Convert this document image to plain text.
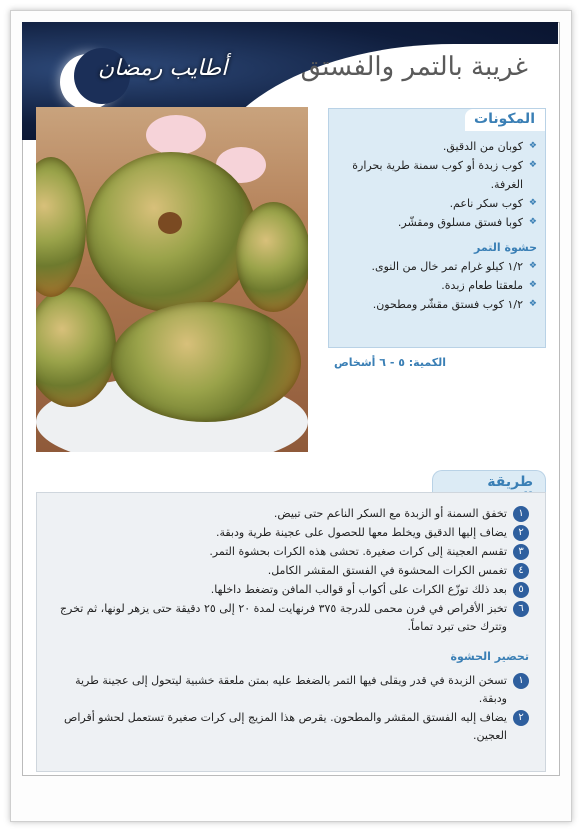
أطايب رمضان	غريبة بالتمر والفستق
المكونات
❖ كوبان من الدقيق.
❖ كوب زبدة أو كوب سمنة طرية بحرارة الغرفة.
❖ كوب سكر ناعم.
❖ كوبا فستق مسلوق ومقشّر.
حشوة التمر
❖ ١/٢ كيلو غرام تمر خال من النوى.
❖ ملعقتا طعام زبدة.
❖ ١/٢ كوب فستق مقشّر ومطحون.
الكمية: ٥ - ٦ أشخاص
طريقة
١
تخفق السمنة أو الزبدة مع السكر الناعم حتى تبيض.
٢
يضاف إليها الدقيق ويخلط معها للحصول على عجينة طرية ودبقة.
٣
تقسم العجينة إلى كرات صغيرة. تحشى هذه الكرات بحشوة التمر.
٤
تغمس الكرات المحشوة في الفستق المقشر الكامل.
٥
بعد ذلك توزّع الكرات على أكواب أو قوالب المافن وتضغط داخلها.
٦
تخبز الأقراص في فرن محمى للدرجة ٣٧٥ فرنهايت لمدة ٢٠ إلى ٢٥ دقيقة حتى يزهر لونها، ثم تخرج وتترك حتى تبرد تماماً.
تحضير الحشوة
١
تسخن الزبدة في قدر ويقلى فيها التمر بالضغط عليه بمتن ملعقة خشبية ليتحول إلى عجينة طرية ودبقة.
٢
يضاف إليه الفستق المقشر والمطحون. يقرص هذا المزيج إلى كرات صغيرة تستعمل لحشو أقراص العجين.
